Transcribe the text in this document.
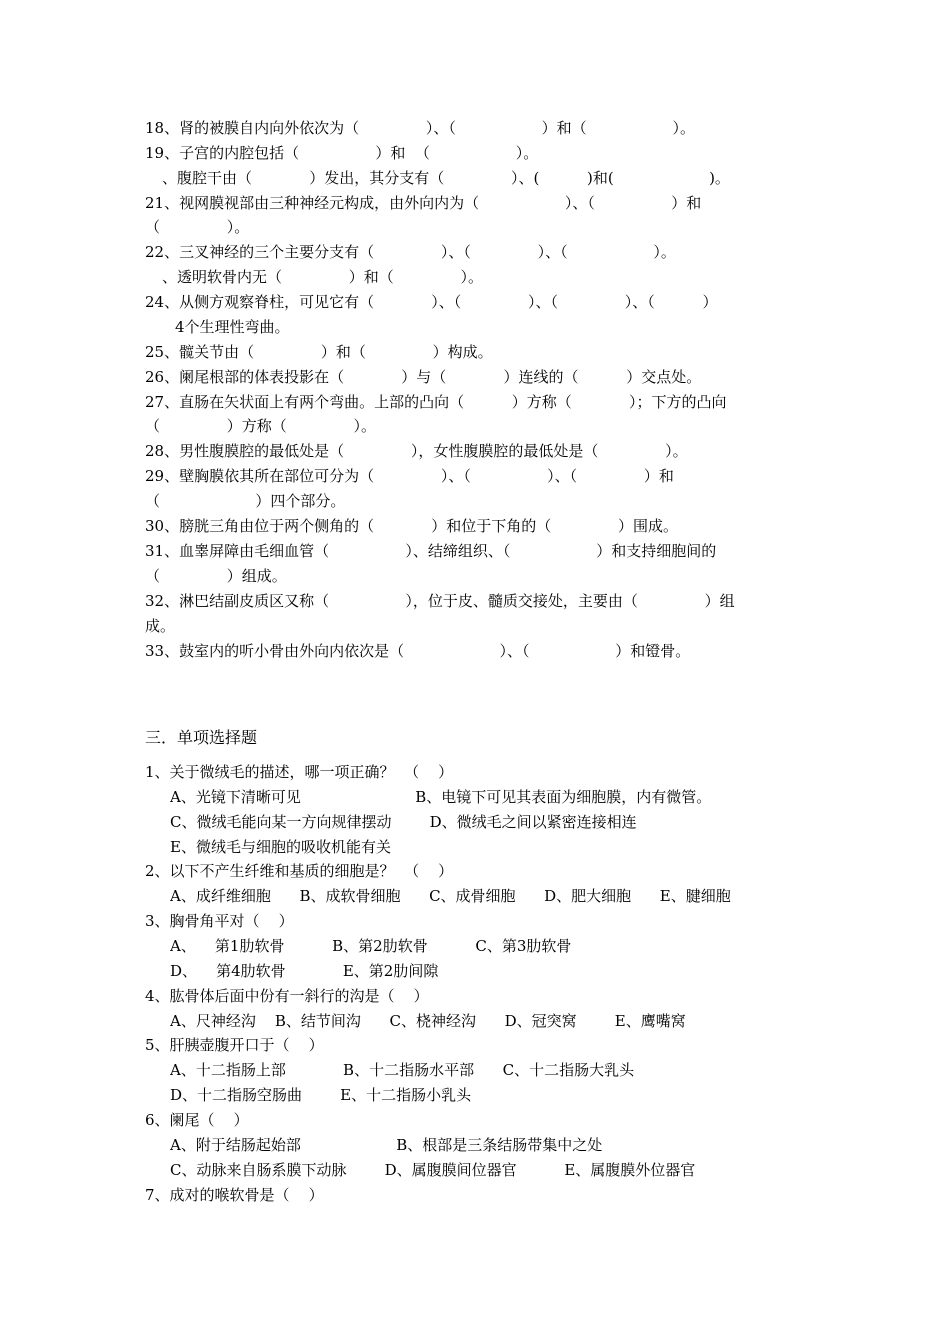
18、肾的被膜自内向外依次为（              ）、（                  ）和（                  ）。
19、子宫的内腔包括（                ）和  （                  ）。
、腹腔干由（            ）发出，其分支有（              ）、(          )和(                    )。
21、视网膜视部由三种神经元构成，由外向内为（                  ）、（                ）和
（              ）。
22、三叉神经的三个主要分支有（              ）、（              ）、（                  ）。
、透明软骨内无（              ）和（              ）。
24、从侧方观察脊柱，可见它有（            ）、（              ）、（              ）、（          ）
4个生理性弯曲。
25、髋关节由（              ）和（              ）构成。
26、阑尾根部的体表投影在（            ）与（            ）连线的（          ）交点处。
27、直肠在矢状面上有两个弯曲。上部的凸向（          ）方称（            ）；下方的凸向
（              ）方称（              ）。
28、男性腹膜腔的最低处是（              ），女性腹膜腔的最低处是（              ）。
29、壁胸膜依其所在部位可分为（              ）、（                ）、（              ）和
（                    ）四个部分。
30、膀胱三角由位于两个侧角的（            ）和位于下角的（              ）围成。
31、血睾屏障由毛细血管（                ）、结缔组织、（                  ）和支持细胞间的
（              ）组成。
32、淋巴结副皮质区又称（                ），位于皮、髓质交接处，主要由（              ）组
成。
33、鼓室内的听小骨由外向内依次是（                    ）、（                  ）和镫骨。
三．单项选择题
1、关于微绒毛的描述，哪一项正确？  （    ）
A、光镜下清晰可见                        B、电镜下可见其表面为细胞膜，内有微管。
C、微绒毛能向某一方向规律摆动        D、微绒毛之间以紧密连接相连
E、微绒毛与细胞的吸收机能有关
2、以下不产生纤维和基质的细胞是？  （    ）
A、成纤维细胞      B、成软骨细胞      C、成骨细胞      D、肥大细胞      E、腱细胞
3、胸骨角平对（    ）
A、    第1肋软骨          B、第2肋软骨          C、第3肋软骨
D、    第4肋软骨            E、第2肋间隙
4、肱骨体后面中份有一斜行的沟是（    ）
A、尺神经沟    B、结节间沟      C、桡神经沟      D、冠突窝        E、鹰嘴窝
5、肝胰壶腹开口于（    ）
A、十二指肠上部            B、十二指肠水平部      C、十二指肠大乳头
D、十二指肠空肠曲        E、十二指肠小乳头
6、阑尾（    ）
A、附于结肠起始部                    B、根部是三条结肠带集中之处
C、动脉来自肠系膜下动脉        D、属腹膜间位器官          E、属腹膜外位器官
7、成对的喉软骨是（    ）
